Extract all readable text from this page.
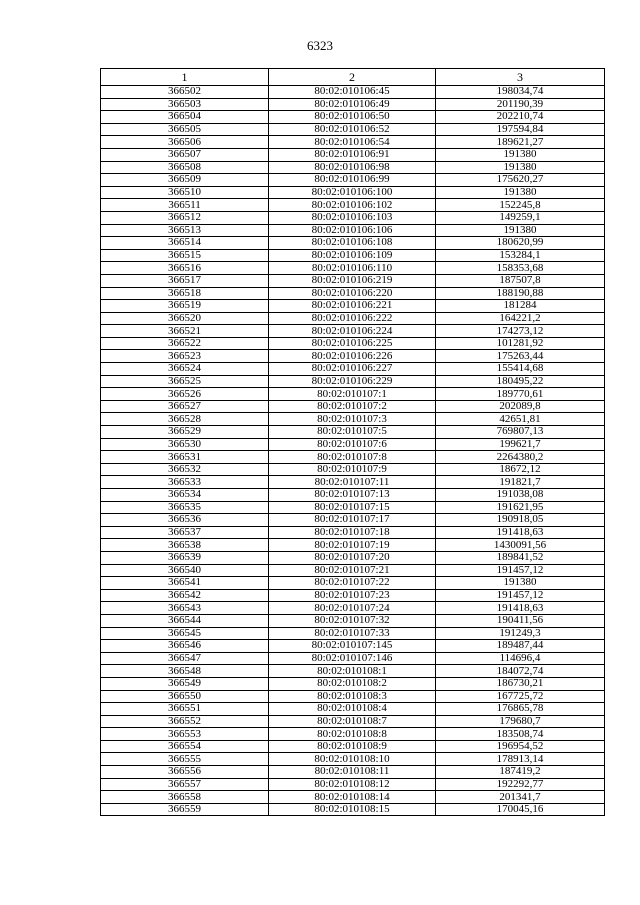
6323
1	2	3
366502	80:02:010106:45	198034,74
366503	80:02:010106:49	201190,39
366504	80:02:010106:50	202210,74
366505	80:02:010106:52	197594,84
366506	80:02:010106:54	189621,27
366507	80:02:010106:91	191380
366508	80:02:010106:98	191380
366509	80:02:010106:99	175620,27
366510	80:02:010106:100	191380
366511	80:02:010106:102	152245,8
366512	80:02:010106:103	149259,1
366513	80:02:010106:106	191380
366514	80:02:010106:108	180620,99
366515	80:02:010106:109	153284,1
366516	80:02:010106:110	158353,68
366517	80:02:010106:219	187507,8
366518	80:02:010106:220	188190,88
366519	80:02:010106:221	181284
366520	80:02:010106:222	164221,2
366521	80:02:010106:224	174273,12
366522	80:02:010106:225	101281,92
366523	80:02:010106:226	175263,44
366524	80:02:010106:227	155414,68
366525	80:02:010106:229	180495,22
366526	80:02:010107:1	189770,61
366527	80:02:010107:2	202089,8
366528	80:02:010107:3	42651,81
366529	80:02:010107:5	769807,13
366530	80:02:010107:6	199621,7
366531	80:02:010107:8	2264380,2
366532	80:02:010107:9	18672,12
366533	80:02:010107:11	191821,7
366534	80:02:010107:13	191038,08
366535	80:02:010107:15	191621,95
366536	80:02:010107:17	190918,05
366537	80:02:010107:18	191418,63
366538	80:02:010107:19	1430091,56
366539	80:02:010107:20	189841,52
366540	80:02:010107:21	191457,12
366541	80:02:010107:22	191380
366542	80:02:010107:23	191457,12
366543	80:02:010107:24	191418,63
366544	80:02:010107:32	190411,56
366545	80:02:010107:33	191249,3
366546	80:02:010107:145	189487,44
366547	80:02:010107:146	114696,4
366548	80:02:010108:1	184072,74
366549	80:02:010108:2	186730,21
366550	80:02:010108:3	167725,72
366551	80:02:010108:4	176865,78
366552	80:02:010108:7	179680,7
366553	80:02:010108:8	183508,74
366554	80:02:010108:9	196954,52
366555	80:02:010108:10	178913,14
366556	80:02:010108:11	187419,2
366557	80:02:010108:12	192292,77
366558	80:02:010108:14	201341,7
366559	80:02:010108:15	170045,16
